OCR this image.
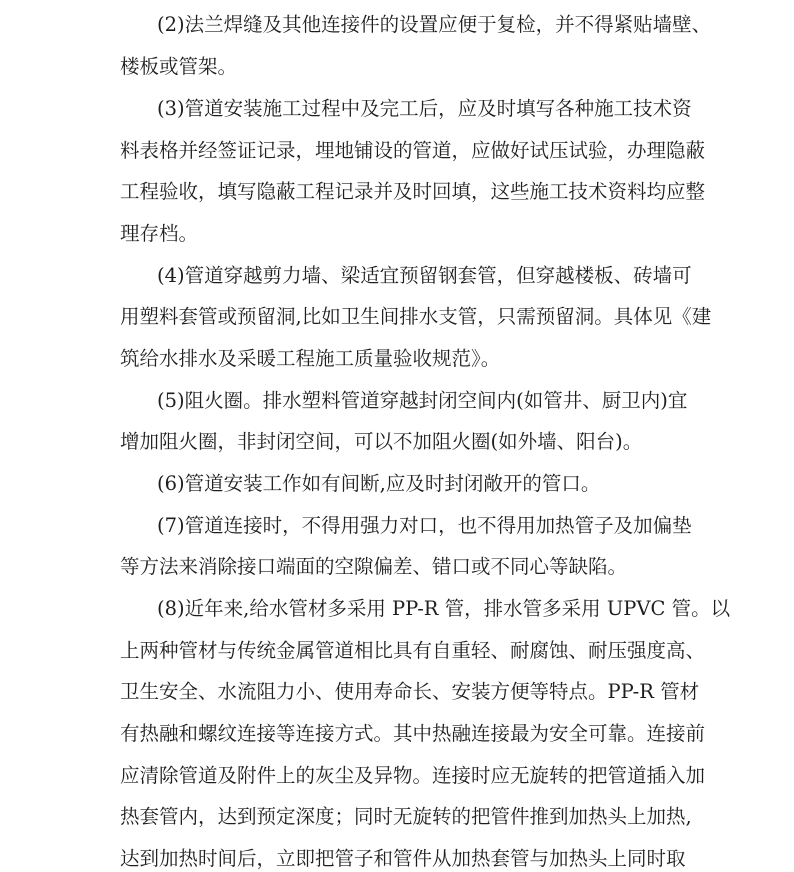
(2)法兰焊缝及其他连接件的设置应便于复检，并不得紧贴墙壁、
楼板或管架。
(3)管道安装施工过程中及完工后，应及时填写各种施工技术资
料表格并经签证记录，埋地铺设的管道，应做好试压试验，办理隐蔽
工程验收，填写隐蔽工程记录并及时回填，这些施工技术资料均应整
理存档。
(4)管道穿越剪力墙、梁适宜预留钢套管，但穿越楼板、砖墙可
用塑料套管或预留洞,比如卫生间排水支管，只需预留洞。具体见《建
筑给水排水及采暖工程施工质量验收规范》。
(5)阻火圈。排水塑料管道穿越封闭空间内(如管井、厨卫内)宜
增加阻火圈，非封闭空间，可以不加阻火圈(如外墙、阳台)。
(6)管道安装工作如有间断,应及时封闭敞开的管口。
(7)管道连接时，不得用强力对口，也不得用加热管子及加偏垫
等方法来消除接口端面的空隙偏差、错口或不同心等缺陷。
(8)近年来,给水管材多采用 PP-R 管，排水管多采用 UPVC 管。以
上两种管材与传统金属管道相比具有自重轻、耐腐蚀、耐压强度高、
卫生安全、水流阻力小、使用寿命长、安装方便等特点。PP-R 管材
有热融和螺纹连接等连接方式。其中热融连接最为安全可靠。连接前
应清除管道及附件上的灰尘及异物。连接时应无旋转的把管道插入加
热套管内，达到预定深度；同时无旋转的把管件推到加热头上加热,
达到加热时间后，立即把管子和管件从加热套管与加热头上同时取
